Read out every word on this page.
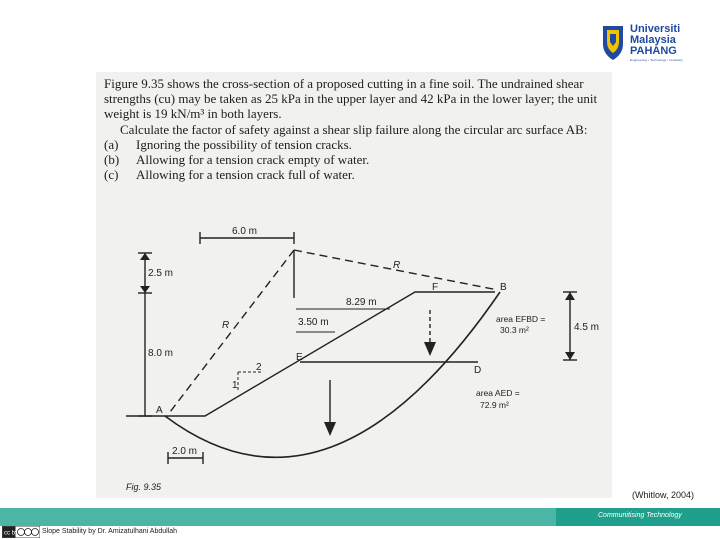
Universiti
Malaysia
PAHANG
Engineering • Technology • Creativity

Figure 9.35 shows the cross-section of a proposed cutting in a fine soil. The undrained shear strengths (cu) may be taken as 25 kPa in the upper layer and 42 kPa in the lower layer; the unit weight is 19 kN/m³ in both layers.

Calculate the factor of safety against a shear slip failure along the circular arc surface AB:

(a) Ignoring the possibility of tension cracks.

(b) Allowing for a tension crack empty of water.

(c) Allowing for a tension crack full of water.

6.0 m
2.5 m
8.0 m
2.0 m
3.50 m
8.29 m
4.5 m
R
R
A
B
D
E
F
1
2
area EFBD =
30.3 m²
area AED =
72.9 m²
Fig. 9.35
(Whitlow, 2004)
Communitising Technology
cc by-nc-sa Slope Stability by Dr. Amizatulhani Abdullah
